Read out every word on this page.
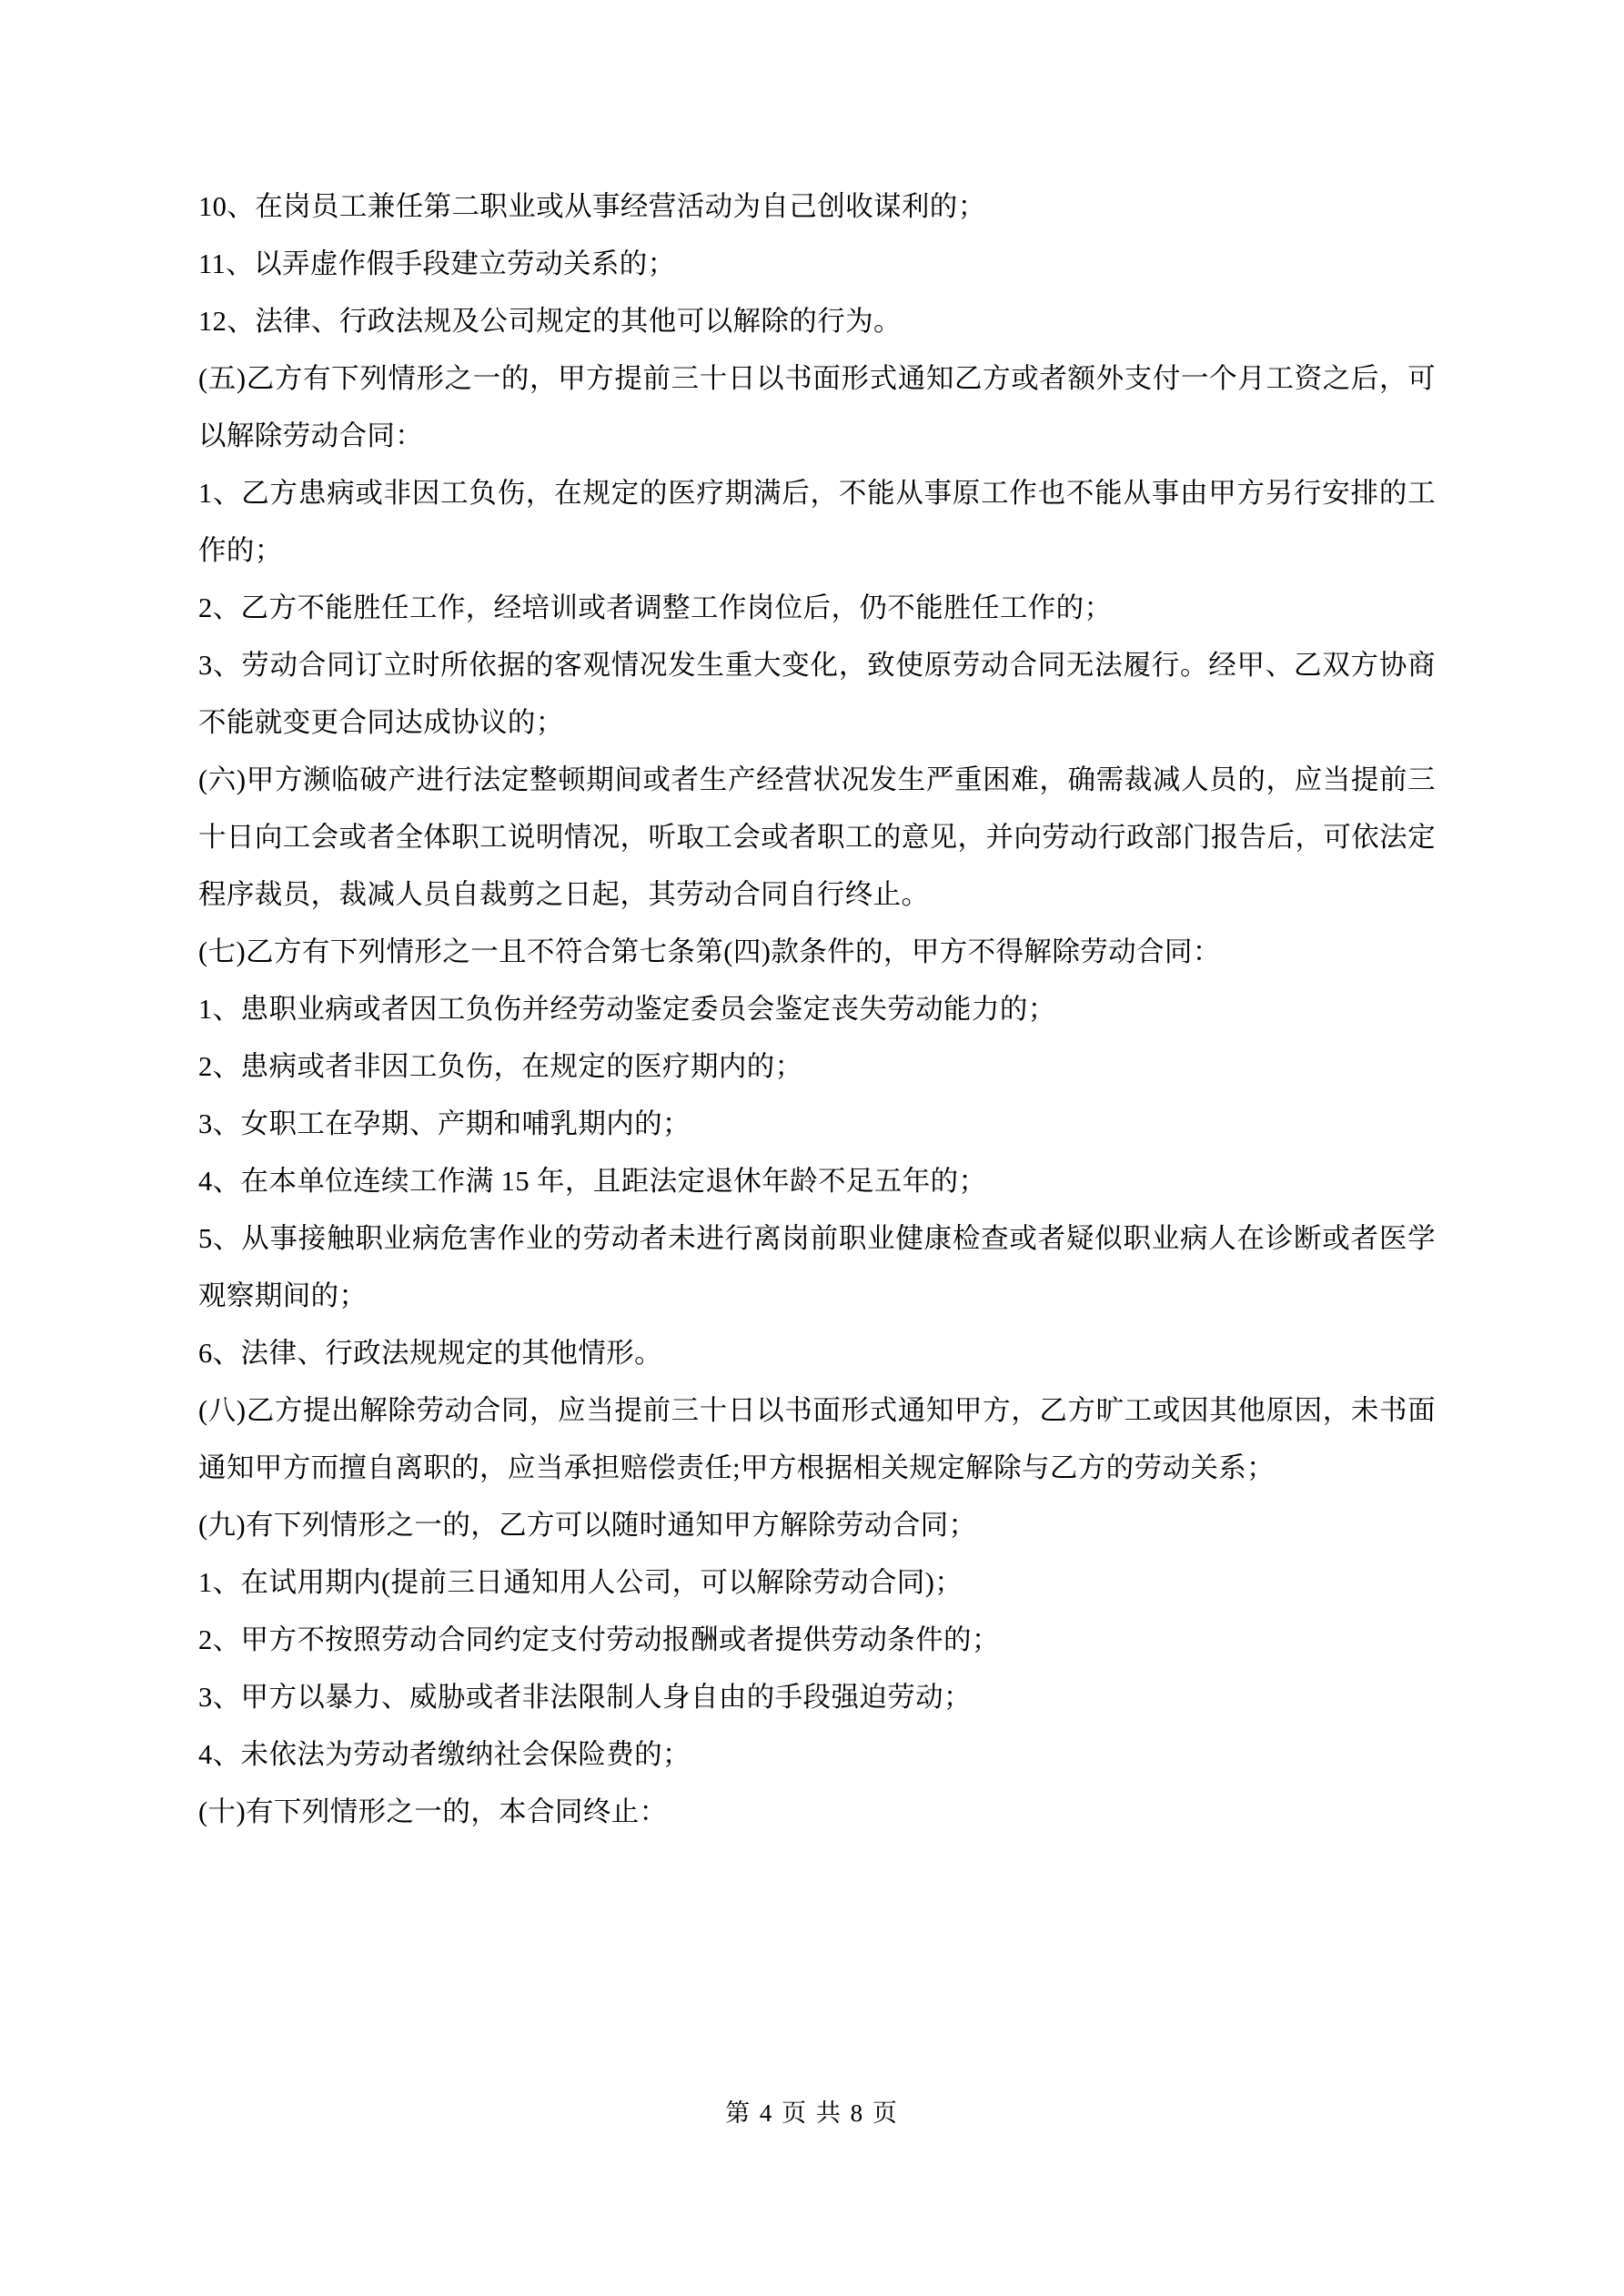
10、在岗员工兼任第二职业或从事经营活动为自己创收谋利的；

11、以弄虚作假手段建立劳动关系的；

12、法律、行政法规及公司规定的其他可以解除的行为。

(五)乙方有下列情形之一的，甲方提前三十日以书面形式通知乙方或者额外支付一个月工资之后，可以解除劳动合同：

1、乙方患病或非因工负伤，在规定的医疗期满后，不能从事原工作也不能从事由甲方另行安排的工作的；

2、乙方不能胜任工作，经培训或者调整工作岗位后，仍不能胜任工作的；

3、劳动合同订立时所依据的客观情况发生重大变化，致使原劳动合同无法履行。经甲、乙双方协商不能就变更合同达成协议的；

(六)甲方濒临破产进行法定整顿期间或者生产经营状况发生严重困难，确需裁减人员的，应当提前三十日向工会或者全体职工说明情况，听取工会或者职工的意见，并向劳动行政部门报告后，可依法定程序裁员，裁减人员自裁剪之日起，其劳动合同自行终止。

(七)乙方有下列情形之一且不符合第七条第(四)款条件的，甲方不得解除劳动合同：

1、患职业病或者因工负伤并经劳动鉴定委员会鉴定丧失劳动能力的；

2、患病或者非因工负伤，在规定的医疗期内的；

3、女职工在孕期、产期和哺乳期内的；

4、在本单位连续工作满 15 年，且距法定退休年龄不足五年的；

5、从事接触职业病危害作业的劳动者未进行离岗前职业健康检查或者疑似职业病人在诊断或者医学观察期间的；

6、法律、行政法规规定的其他情形。

(八)乙方提出解除劳动合同，应当提前三十日以书面形式通知甲方，乙方旷工或因其他原因，未书面通知甲方而擅自离职的，应当承担赔偿责任;甲方根据相关规定解除与乙方的劳动关系；

(九)有下列情形之一的，乙方可以随时通知甲方解除劳动合同；

1、在试用期内(提前三日通知用人公司，可以解除劳动合同)；

2、甲方不按照劳动合同约定支付劳动报酬或者提供劳动条件的；

3、甲方以暴力、威胁或者非法限制人身自由的手段强迫劳动；

4、未依法为劳动者缴纳社会保险费的；

(十)有下列情形之一的，本合同终止：

第 4 页 共 8 页
